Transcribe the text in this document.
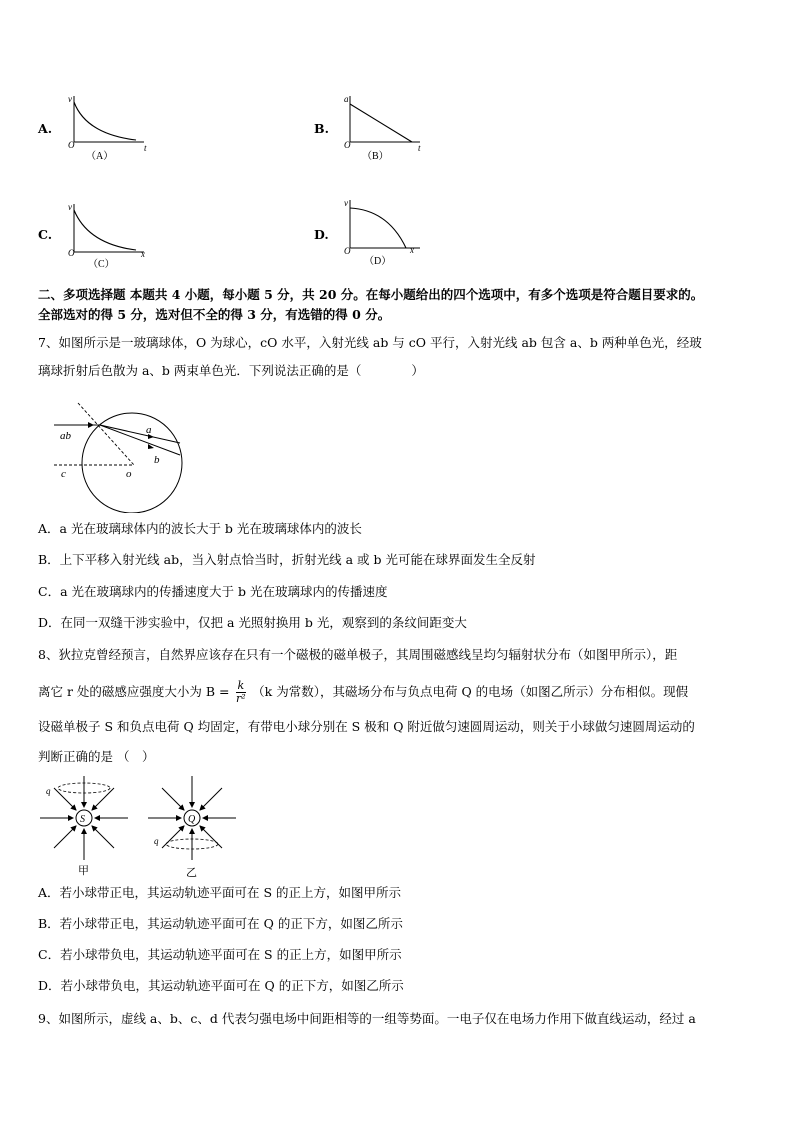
A.	B.
C.	D.
v
O	t
（A）
a
O	t
（B）
v
O	x
（C）
v
O	x
（D）
二、多项选择题 本题共 4 小题，每小题 5 分，共 20 分。在每小题给出的四个选项中，有多个选项是符合题目要求的。
全部选对的得 5 分，选对但不全的得 3 分，有选错的得 0 分。
7、如图所示是一玻璃球体，O 为球心，cO 水平，入射光线 ab 与 cO 平行，入射光线 ab 包含 a、b 两种单色光，经玻
璃球折射后色散为 a、b 两束单色光．下列说法正确的是（　　　　）
ab	a
b
c	o
A．a 光在玻璃球体内的波长大于 b 光在玻璃球体内的波长
B．上下平移入射光线 ab，当入射点恰当时，折射光线 a 或 b 光可能在球界面发生全反射
C．a 光在玻璃球内的传播速度大于 b 光在玻璃球内的传播速度
D．在同一双缝干涉实验中，仅把 a 光照射换用 b 光，观察到的条纹间距变大
8、狄拉克曾经预言，自然界应该存在只有一个磁极的磁单极子，其周围磁感线呈均匀辐射状分布（如图甲所示），距
离它 r 处的磁感应强度大小为 $B = \frac{k}{\text{r²}} (k$ 为常数），其磁场分布与负点电荷 Q 的电场（如图乙所示）分布相似。现假
设磁单极子 S 和负点电荷 Q 均固定，有带电小球分别在 S 极和 Q 附近做匀速圆周运动，则关于小球做匀速圆周运动的
判断正确的是 （　）
S
q
甲
Q
q
乙
A．若小球带正电，其运动轨迹平面可在 S 的正上方，如图甲所示
B．若小球带正电，其运动轨迹平面可在 Q 的正下方，如图乙所示
C．若小球带负电，其运动轨迹平面可在 S 的正上方，如图甲所示
D．若小球带负电，其运动轨迹平面可在 Q 的正下方，如图乙所示
9、如图所示，虚线 a、b、c、d 代表匀强电场中间距相等的一组等势面。一电子仅在电场力作用下做直线运动，经过 a
